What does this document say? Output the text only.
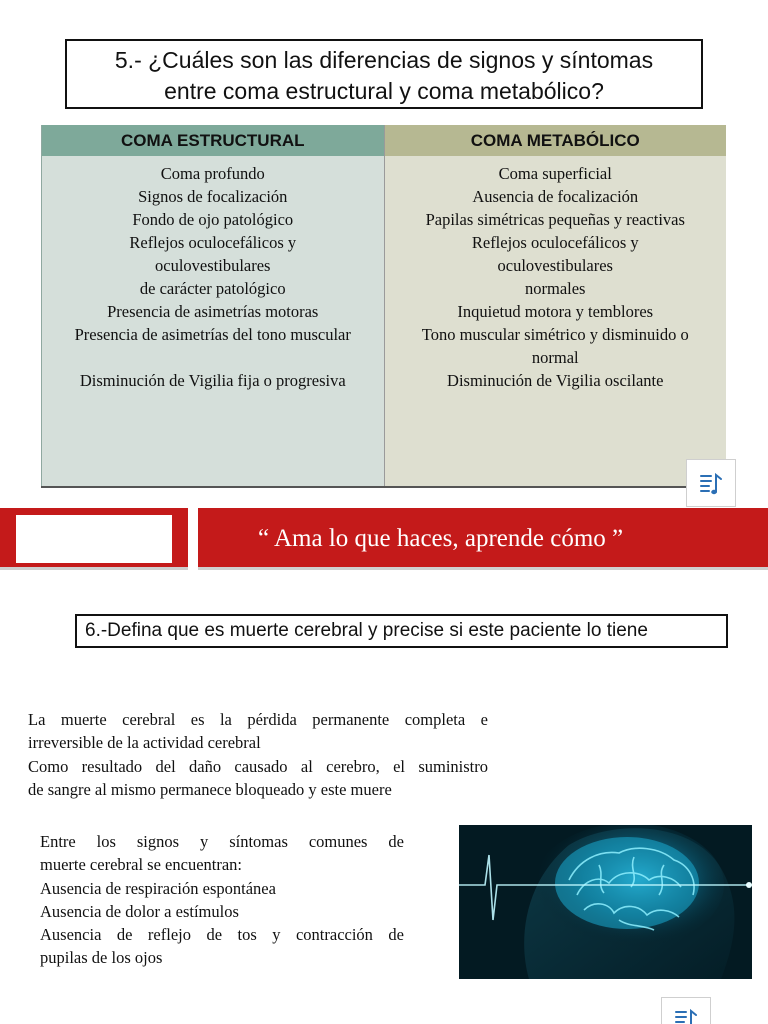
5.- ¿Cuáles son las diferencias de signos y síntomas
entre coma estructural y coma metabólico?
COMA ESTRUCTURAL
Coma profundo
Signos de focalización
Fondo de ojo patológico
Reflejos oculocefálicos y
oculovestibulares
de carácter patológico
Presencia de asimetrías motoras
Presencia de asimetrías del tono muscular
Disminución de Vigilia fija o progresiva
COMA METABÓLICO
Coma superficial
Ausencia de focalización
Papilas simétricas pequeñas y reactivas
Reflejos oculocefálicos y
oculovestibulares
normales
Inquietud motora y temblores
Tono muscular simétrico y disminuido o
normal
Disminución de Vigilia oscilante
“ Ama lo que haces, aprende cómo ”
6.-Defina que es muerte cerebral y precise si este paciente lo tiene
La muerte cerebral es la pérdida permanente completa e
irreversible de la actividad cerebral
Como resultado del daño causado al cerebro, el suministro
de sangre al mismo permanece bloqueado y este muere
Entre los signos y síntomas comunes de
muerte cerebral se encuentran:
Ausencia de respiración espontánea
Ausencia de dolor a estímulos
Ausencia de reflejo de tos y contracción de
pupilas de los ojos
